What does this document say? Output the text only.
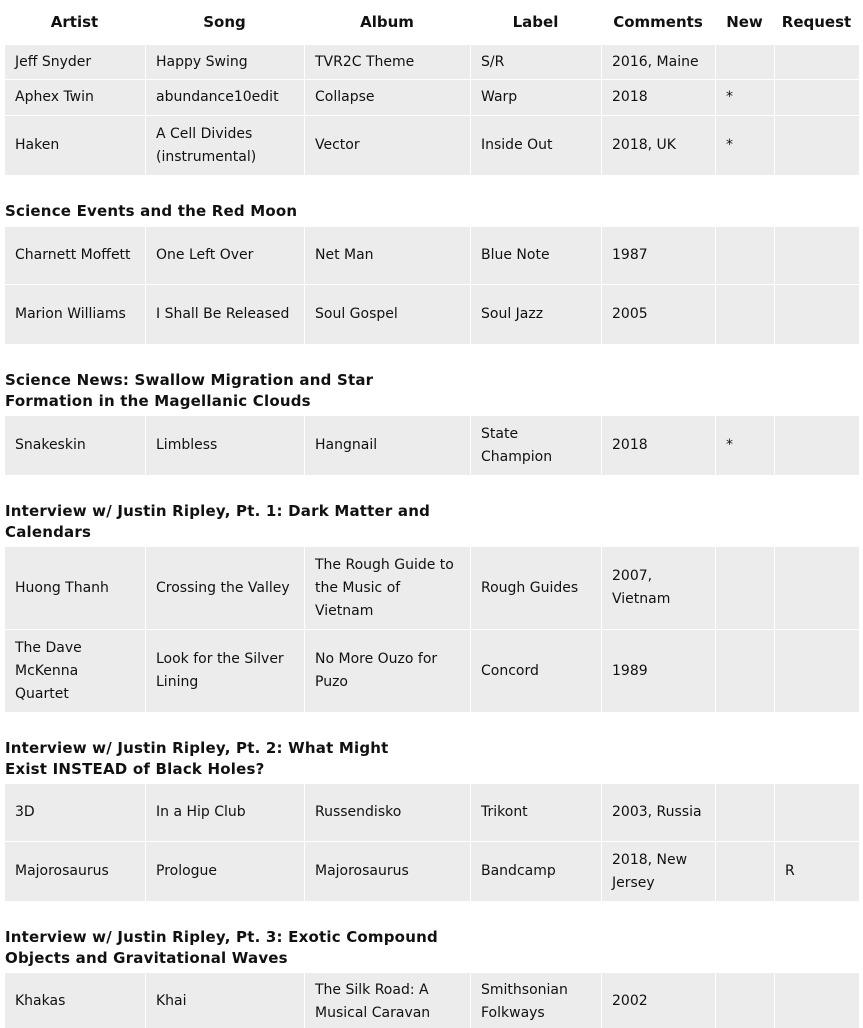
Artist	Song	Album	Label	Comments	New	Request
Jeff Snyder	Happy Swing	TVR2C Theme	S/R	2016, Maine		
Aphex Twin	abundance10edit	Collapse	Warp	2018	*	
Haken	A Cell Divides (instrumental)	Vector	Inside Out	2018, UK	*	
Science Events and the Red Moon
Charnett Moffett	One Left Over	Net Man	Blue Note	1987		
Marion Williams	I Shall Be Released	Soul Gospel	Soul Jazz	2005		
Science News: Swallow Migration and Star Formation in the Magellanic Clouds
Snakeskin	Limbless	Hangnail	State Champion	2018	*	
Interview w/ Justin Ripley, Pt. 1: Dark Matter and Calendars
Huong Thanh	Crossing the Valley	The Rough Guide to the Music of Vietnam	Rough Guides	2007, Vietnam		
The Dave McKenna Quartet	Look for the Silver Lining	No More Ouzo for Puzo	Concord	1989		
Interview w/ Justin Ripley, Pt. 2: What Might Exist INSTEAD of Black Holes?
3D	In a Hip Club	Russendisko	Trikont	2003, Russia		
Majorosaurus	Prologue	Majorosaurus	Bandcamp	2018, New Jersey		R
Interview w/ Justin Ripley, Pt. 3: Exotic Compound Objects and Gravitational Waves
Khakas	Khai	The Silk Road: A Musical Caravan	Smithsonian Folkways	2002		
